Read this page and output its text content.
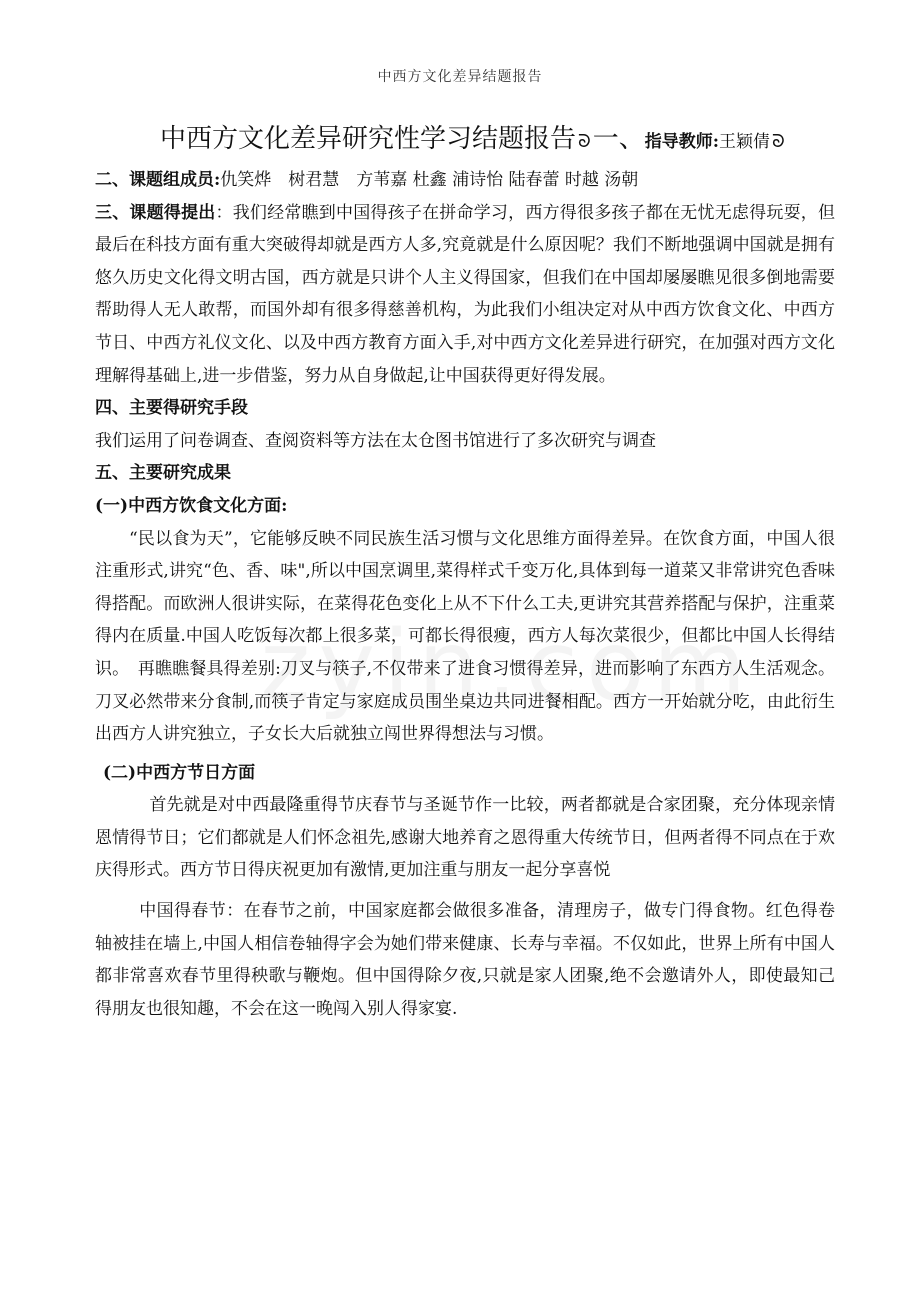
中西方文化差异结题报告
中西方文化差异研究性学习结题报告 ᘐ一、指导教师:王颖倩 ᘐ

二、课题组成员:仇笑烨　树君慧　方苇嘉 杜鑫 浦诗怡 陆春蕾 时越 汤朝

三、课题得提出：我们经常瞧到中国得孩子在拼命学习，西方得很多孩子都在无忧无虑得玩耍，但最后在科技方面有重大突破得却就是西方人多,究竟就是什么原因呢？我们不断地强调中国就是拥有悠久历史文化得文明古国，西方就是只讲个人主义得国家，但我们在中国却屡屡瞧见很多倒地需要帮助得人无人敢帮，而国外却有很多得慈善机构，为此我们小组决定对从中西方饮食文化、中西方节日、中西方礼仪文化、以及中西方教育方面入手,对中西方文化差异进行研究，在加强对西方文化理解得基础上,进一步借鉴，努力从自身做起,让中国获得更好得发展。

四、主要得研究手段

我们运用了问卷调查、查阅资料等方法在太仓图书馆进行了多次研究与调查

五、主要研究成果

(一)中西方饮食文化方面:

“民以食为天”，它能够反映不同民族生活习惯与文化思维方面得差异。在饮食方面，中国人很注重形式,讲究“色、香、味",所以中国烹调里,菜得样式千变万化,具体到每一道菜又非常讲究色香味得搭配。而欧洲人很讲实际，在菜得花色变化上从不下什么工夫,更讲究其营养搭配与保护，注重菜得内在质量.中国人吃饭每次都上很多菜，可都长得很瘦，西方人每次菜很少，但都比中国人长得结识。　再瞧瞧餐具得差别:刀叉与筷子,不仅带来了进食习惯得差异，进而影响了东西方人生活观念。刀叉必然带来分食制,而筷子肯定与家庭成员围坐桌边共同进餐相配。西方一开始就分吃，由此衍生出西方人讲究独立，子女长大后就独立闯世界得想法与习惯。

(二)中西方节日方面

首先就是对中西最隆重得节庆春节与圣诞节作一比较，两者都就是合家团聚，充分体现亲情恩情得节日；它们都就是人们怀念祖先,感谢大地养育之恩得重大传统节日，但两者得不同点在于欢庆得形式。西方节日得庆祝更加有激情,更加注重与朋友一起分享喜悦

中国得春节：在春节之前，中国家庭都会做很多准备，清理房子，做专门得食物。红色得卷轴被挂在墙上,中国人相信卷轴得字会为她们带来健康、长寿与幸福。不仅如此，世界上所有中国人都非常喜欢春节里得秧歌与鞭炮。但中国得除夕夜,只就是家人团聚,绝不会邀请外人，即使最知己得朋友也很知趣，不会在这一晚闯入别人得家宴.
